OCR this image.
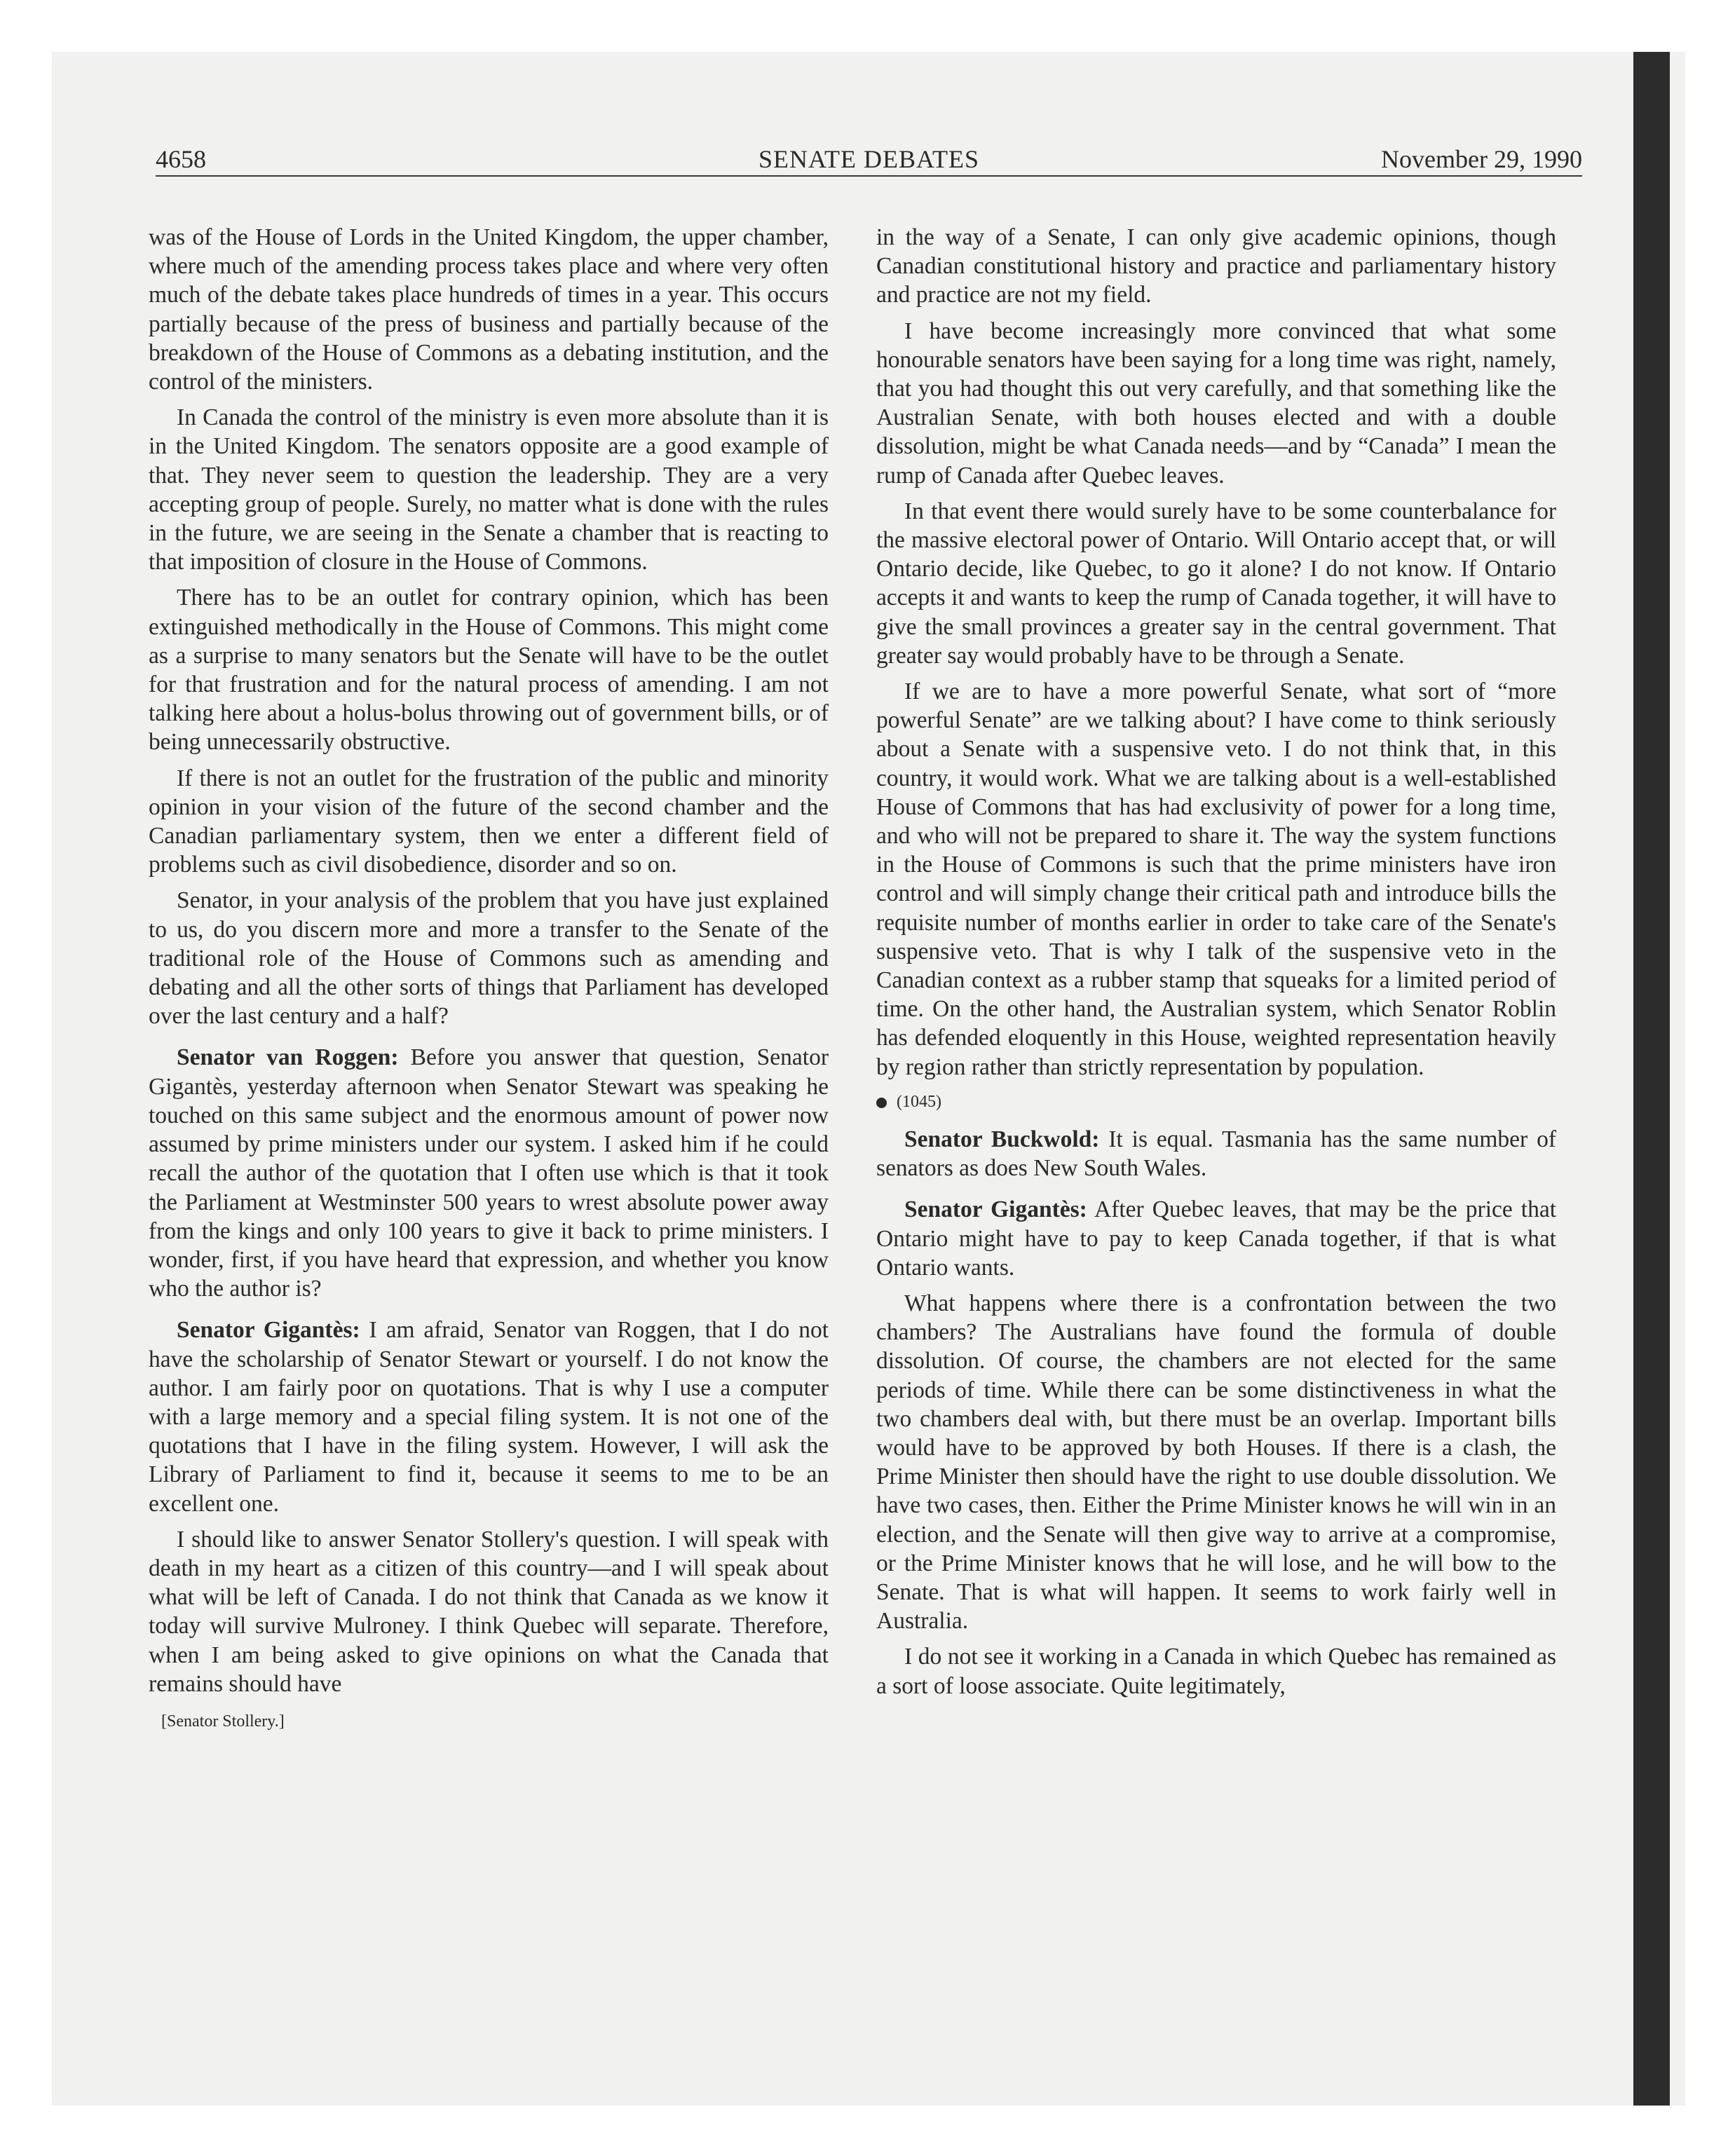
4658	SENATE DEBATES	November 29, 1990

was of the House of Lords in the United Kingdom, the upper chamber, where much of the amending process takes place and where very often much of the debate takes place hundreds of times in a year. This occurs partially because of the press of business and partially because of the breakdown of the House of Commons as a debating institution, and the control of the ministers.

In Canada the control of the ministry is even more absolute than it is in the United Kingdom. The senators opposite are a good example of that. They never seem to question the leadership. They are a very accepting group of people. Surely, no matter what is done with the rules in the future, we are seeing in the Senate a chamber that is reacting to that imposition of closure in the House of Commons.

There has to be an outlet for contrary opinion, which has been extinguished methodically in the House of Commons. This might come as a surprise to many senators but the Senate will have to be the outlet for that frustration and for the natural process of amending. I am not talking here about a holus-bolus throwing out of government bills, or of being unnecessarily obstructive.

If there is not an outlet for the frustration of the public and minority opinion in your vision of the future of the second chamber and the Canadian parliamentary system, then we enter a different field of problems such as civil disobedience, disorder and so on.

Senator, in your analysis of the problem that you have just explained to us, do you discern more and more a transfer to the Senate of the traditional role of the House of Commons such as amending and debating and all the other sorts of things that Parliament has developed over the last century and a half?

Senator van Roggen: Before you answer that question, Senator Gigantès, yesterday afternoon when Senator Stewart was speaking he touched on this same subject and the enormous amount of power now assumed by prime ministers under our system. I asked him if he could recall the author of the quotation that I often use which is that it took the Parliament at Westminster 500 years to wrest absolute power away from the kings and only 100 years to give it back to prime ministers. I wonder, first, if you have heard that expression, and whether you know who the author is?

Senator Gigantès: I am afraid, Senator van Roggen, that I do not have the scholarship of Senator Stewart or yourself. I do not know the author. I am fairly poor on quotations. That is why I use a computer with a large memory and a special filing system. It is not one of the quotations that I have in the filing system. However, I will ask the Library of Parliament to find it, because it seems to me to be an excellent one.

I should like to answer Senator Stollery's question. I will speak with death in my heart as a citizen of this country—and I will speak about what will be left of Canada. I do not think that Canada as we know it today will survive Mulroney. I think Quebec will separate. Therefore, when I am being asked to give opinions on what the Canada that remains should have

[Senator Stollery.]

in the way of a Senate, I can only give academic opinions, though Canadian constitutional history and practice and parliamentary history and practice are not my field.

I have become increasingly more convinced that what some honourable senators have been saying for a long time was right, namely, that you had thought this out very carefully, and that something like the Australian Senate, with both houses elected and with a double dissolution, might be what Canada needs—and by “Canada” I mean the rump of Canada after Quebec leaves.

In that event there would surely have to be some counterbalance for the massive electoral power of Ontario. Will Ontario accept that, or will Ontario decide, like Quebec, to go it alone? I do not know. If Ontario accepts it and wants to keep the rump of Canada together, it will have to give the small provinces a greater say in the central government. That greater say would probably have to be through a Senate.

If we are to have a more powerful Senate, what sort of “more powerful Senate” are we talking about? I have come to think seriously about a Senate with a suspensive veto. I do not think that, in this country, it would work. What we are talking about is a well-established House of Commons that has had exclusivity of power for a long time, and who will not be prepared to share it. The way the system functions in the House of Commons is such that the prime ministers have iron control and will simply change their critical path and introduce bills the requisite number of months earlier in order to take care of the Senate's suspensive veto. That is why I talk of the suspensive veto in the Canadian context as a rubber stamp that squeaks for a limited period of time. On the other hand, the Australian system, which Senator Roblin has defended eloquently in this House, weighted representation heavily by region rather than strictly representation by population.

(1045)

Senator Buckwold: It is equal. Tasmania has the same number of senators as does New South Wales.

Senator Gigantès: After Quebec leaves, that may be the price that Ontario might have to pay to keep Canada together, if that is what Ontario wants.

What happens where there is a confrontation between the two chambers? The Australians have found the formula of double dissolution. Of course, the chambers are not elected for the same periods of time. While there can be some distinctiveness in what the two chambers deal with, but there must be an overlap. Important bills would have to be approved by both Houses. If there is a clash, the Prime Minister then should have the right to use double dissolution. We have two cases, then. Either the Prime Minister knows he will win in an election, and the Senate will then give way to arrive at a compromise, or the Prime Minister knows that he will lose, and he will bow to the Senate. That is what will happen. It seems to work fairly well in Australia.

I do not see it working in a Canada in which Quebec has remained as a sort of loose associate. Quite legitimately,
